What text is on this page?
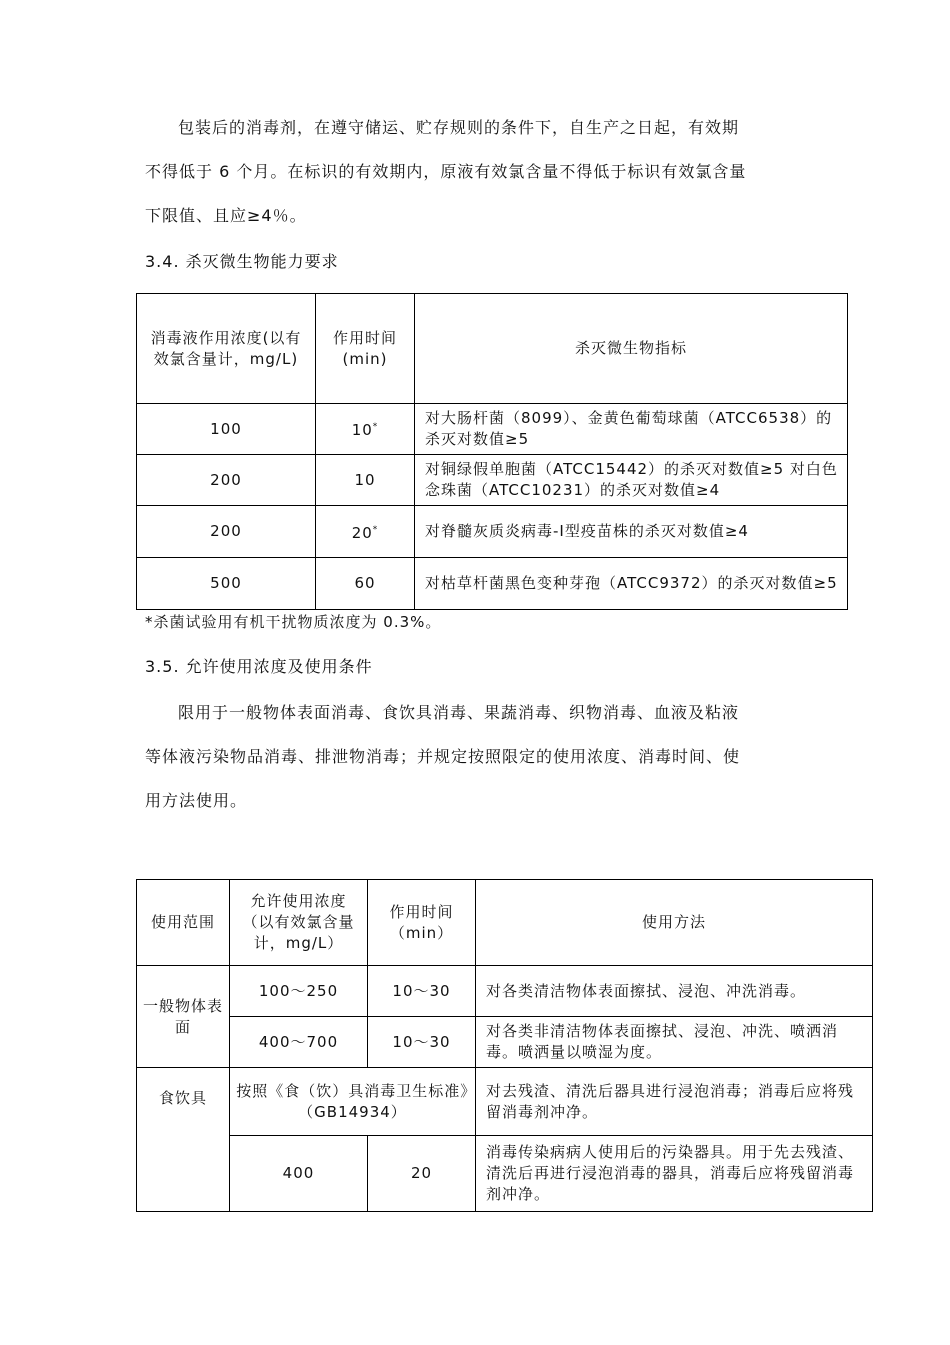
包装后的消毒剂，在遵守储运、贮存规则的条件下，自生产之日起，有效期
不得低于 6 个月。在标识的有效期内，原液有效氯含量不得低于标识有效氯含量
下限值、且应≥4％。
3.4. 杀灭微生物能力要求
消毒液作用浓度(以有效氯含量计，mg/L)	作用时间(min)	杀灭微生物指标
100	10*	对大肠杆菌（8099）、金黄色葡萄球菌（ATCC6538）的杀灭对数值≥5
200	10	对铜绿假单胞菌（ATCC15442）的杀灭对数值≥5 对白色念珠菌（ATCC10231）的杀灭对数值≥4
200	20*	对脊髓灰质炎病毒-Ⅰ型疫苗株的杀灭对数值≥4
500	60	对枯草杆菌黑色变种芽孢（ATCC9372）的杀灭对数值≥5
*杀菌试验用有机干扰物质浓度为 0.3%。
3.5. 允许使用浓度及使用条件
限用于一般物体表面消毒、食饮具消毒、果蔬消毒、织物消毒、血液及粘液
等体液污染物品消毒、排泄物消毒；并规定按照限定的使用浓度、消毒时间、使
用方法使用。
使用范围	允许使用浓度（以有效氯含量计，mg/L）	作用时间（min）	使用方法
一般物体表面	100～250	10～30	对各类清洁物体表面擦拭、浸泡、冲洗消毒。
	400～700	10～30	对各类非清洁物体表面擦拭、浸泡、冲洗、喷洒消毒。喷洒量以喷湿为度。
食饮具	按照《食（饮）具消毒卫生标准》（GB14934）		对去残渣、清洗后器具进行浸泡消毒；消毒后应将残留消毒剂冲净。
	400	20	消毒传染病病人使用后的污染器具。用于先去残渣、清洗后再进行浸泡消毒的器具，消毒后应将残留消毒剂冲净。
